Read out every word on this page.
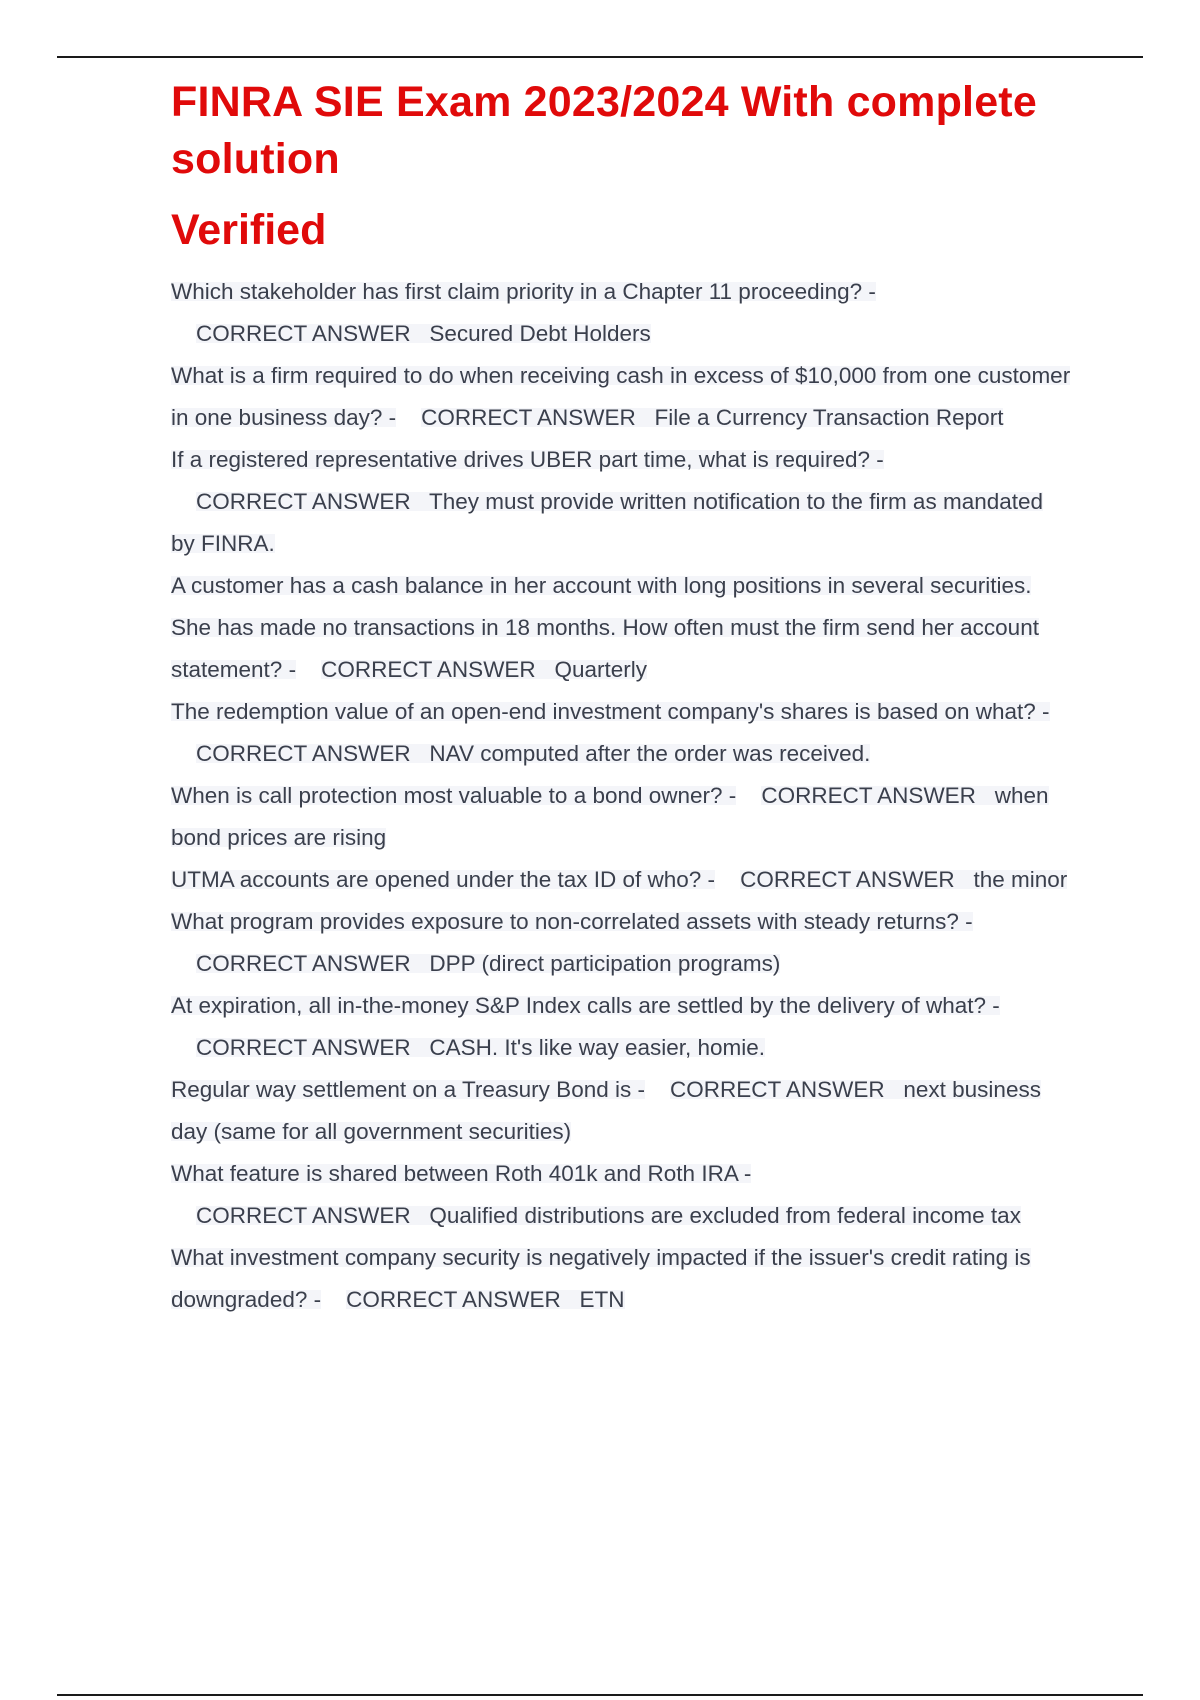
FINRA SIE Exam 2023/2024 With complete solution
Verified
Which stakeholder has first claim priority in a Chapter 11 proceeding? -    CORRECT ANSWER Secured Debt Holders
What is a firm required to do when receiving cash in excess of $10,000 from one customer in one business day? - CORRECT ANSWER File a Currency Transaction Report
If a registered representative drives UBER part time, what is required? -    CORRECT ANSWER They must provide written notification to the firm as mandated by FINRA.
A customer has a cash balance in her account with long positions in several securities. She has made no transactions in 18 months. How often must the firm send her account statement? - CORRECT ANSWER Quarterly
The redemption value of an open-end investment company's shares is based on what? -    CORRECT ANSWER NAV computed after the order was received.
When is call protection most valuable to a bond owner? - CORRECT ANSWER when bond prices are rising
UTMA accounts are opened under the tax ID of who? - CORRECT ANSWER the minor
What program provides exposure to non-correlated assets with steady returns? -    CORRECT ANSWER DPP (direct participation programs)
At expiration, all in-the-money S&P Index calls are settled by the delivery of what? -    CORRECT ANSWER CASH. It's like way easier, homie.
Regular way settlement on a Treasury Bond is - CORRECT ANSWER next business day (same for all government securities)
What feature is shared between Roth 401k and Roth IRA -    CORRECT ANSWER Qualified distributions are excluded from federal income tax
What investment company security is negatively impacted if the issuer's credit rating is downgraded? - CORRECT ANSWER ETN
